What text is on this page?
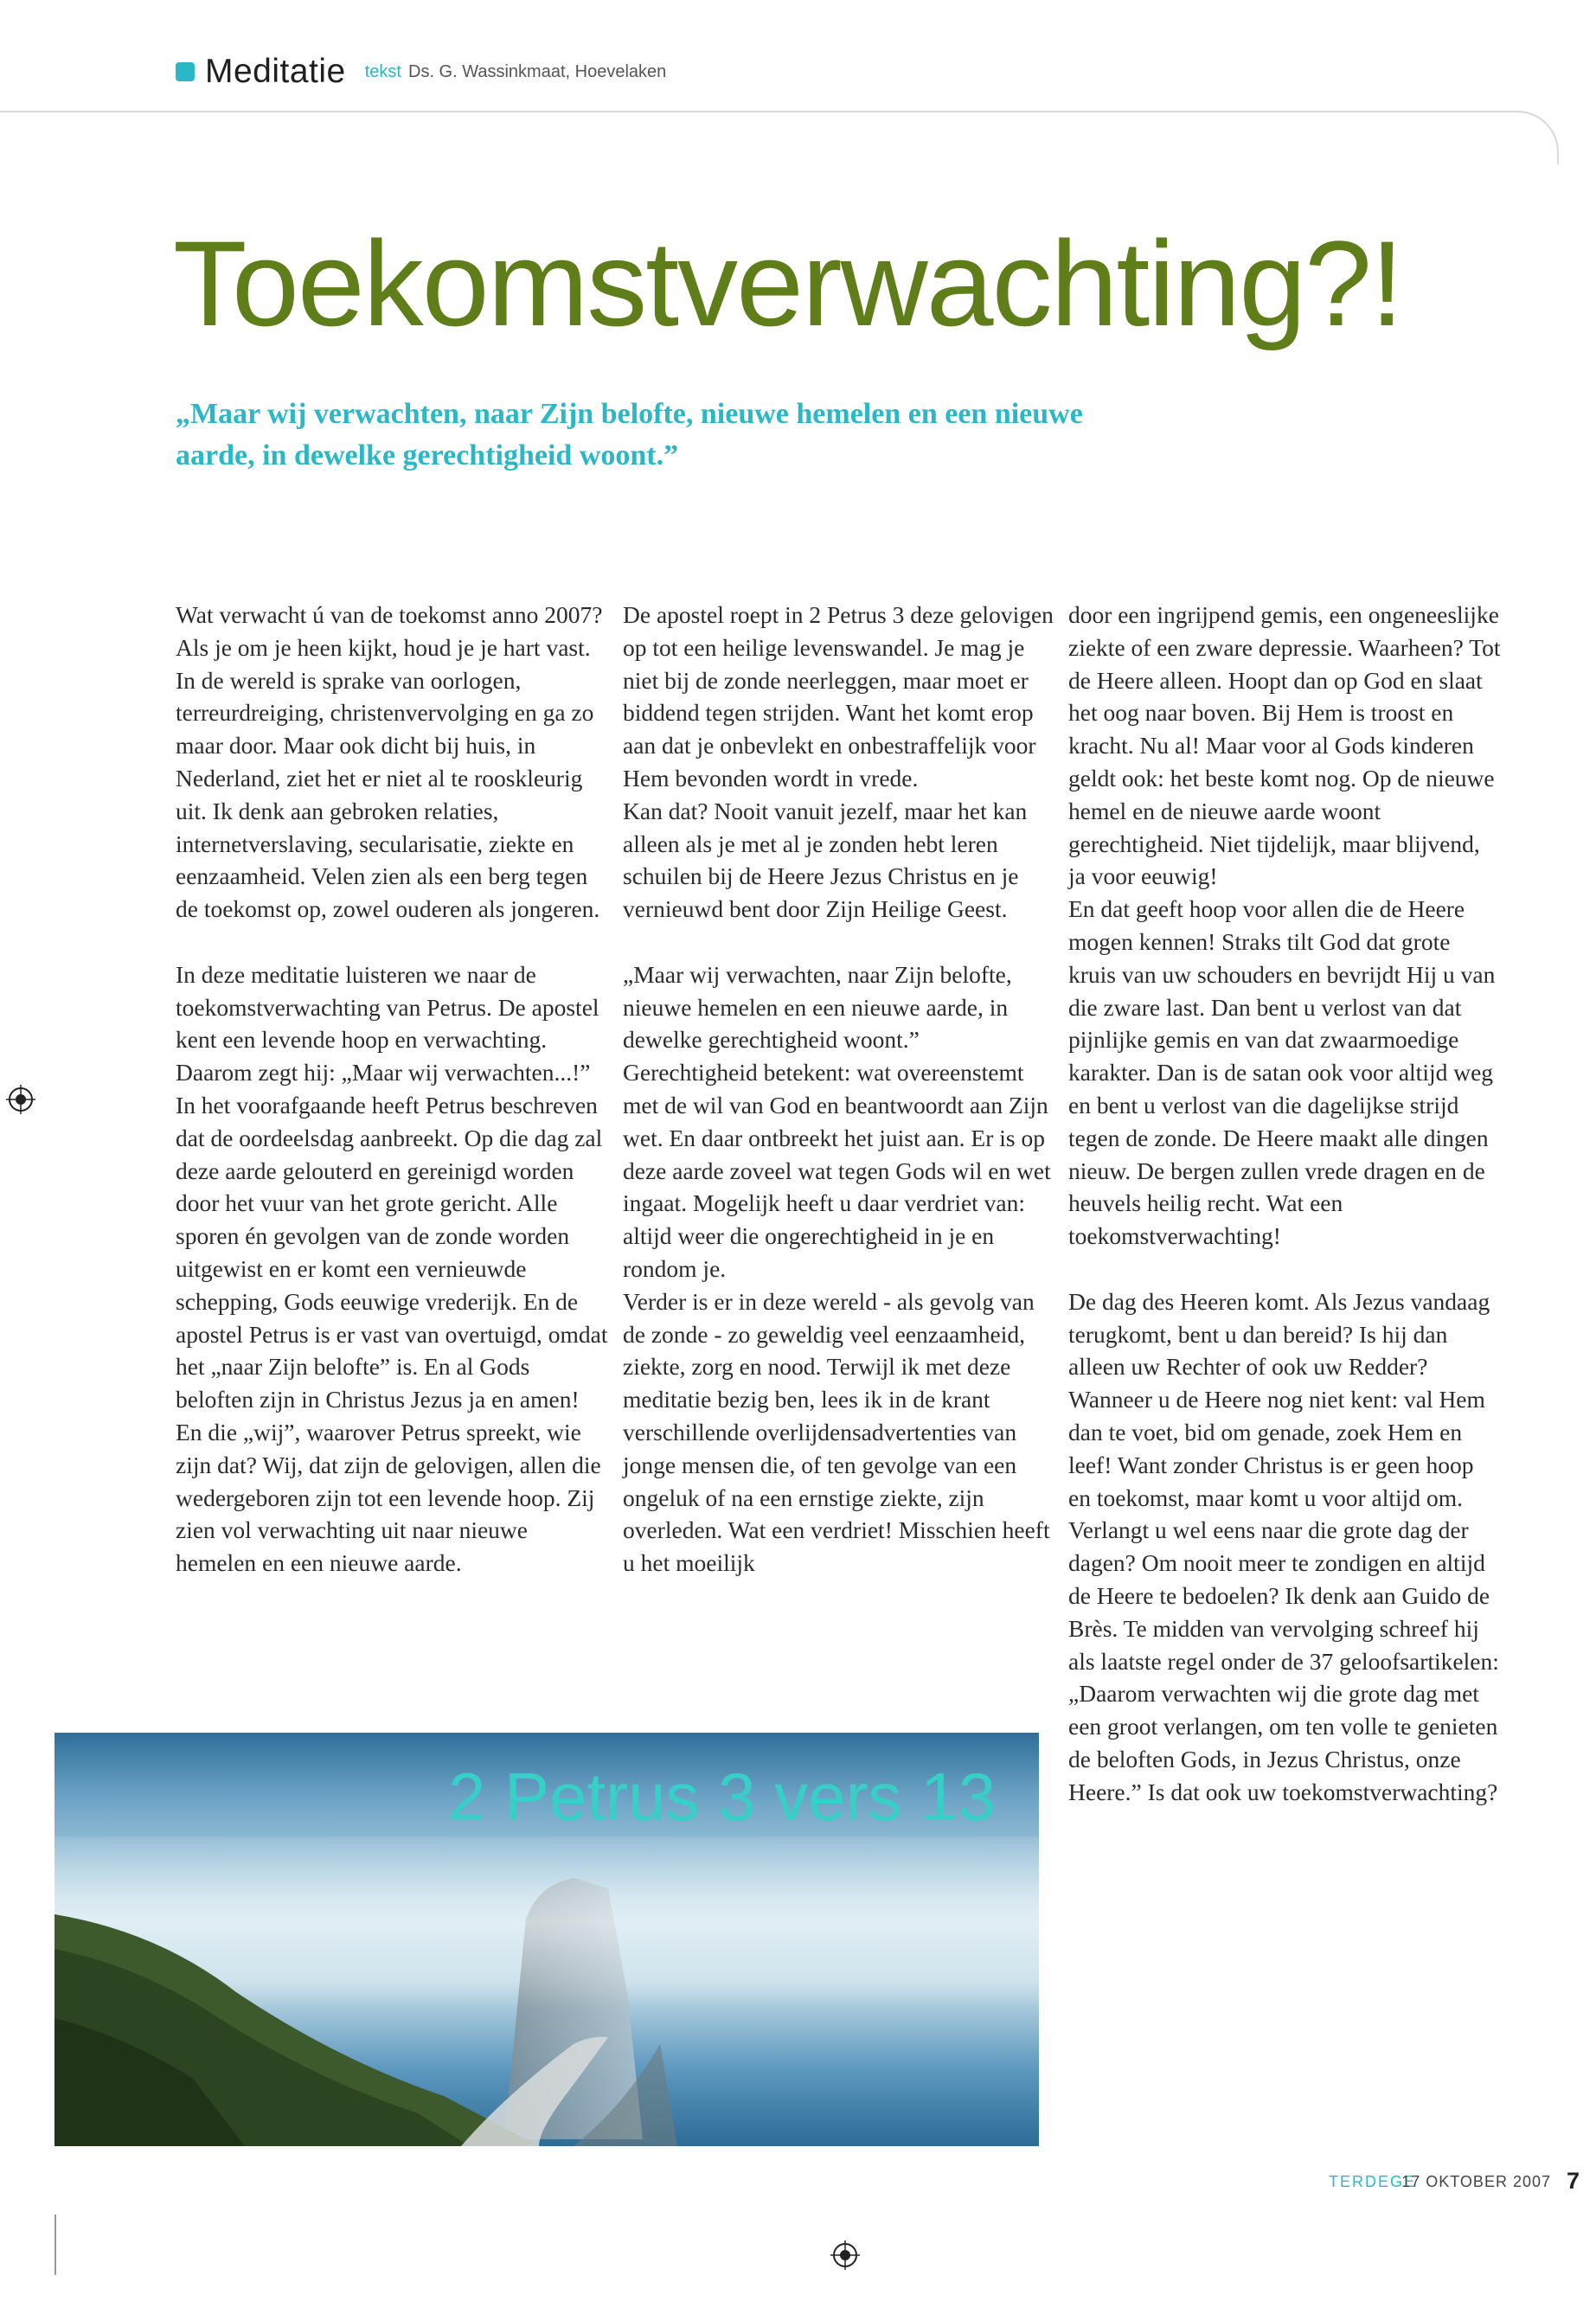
Meditatie tekst Ds. G. Wassinkmaat, Hoevelaken
Toekomstverwachting?!

„Maar wij verwachten, naar Zijn belofte, nieuwe hemelen en een nieuwe aarde, in dewelke gerechtigheid woont.”

Wat verwacht ú van de toekomst anno 2007? Als je om je heen kijkt, houd je je hart vast. In de wereld is sprake van oorlogen, terreurdreiging, christenvervolging en ga zo maar door. Maar ook dicht bij huis, in Nederland, ziet het er niet al te rooskleurig uit. Ik denk aan gebroken relaties, internetverslaving, secularisatie, ziekte en eenzaamheid. Velen zien als een berg tegen de toekomst op, zowel ouderen als jongeren.

In deze meditatie luisteren we naar de toekomstverwachting van Petrus. De apostel kent een levende hoop en verwachting. Daarom zegt hij: „Maar wij verwachten...!”

In het voorafgaande heeft Petrus beschreven dat de oordeelsdag aanbreekt. Op die dag zal deze aarde gelouterd en gereinigd worden door het vuur van het grote gericht. Alle sporen én gevolgen van de zonde worden uitgewist en er komt een vernieuwde schepping, Gods eeuwige vrederijk. En de apostel Petrus is er vast van overtuigd, omdat het „naar Zijn belofte” is. En al Gods beloften zijn in Christus Jezus ja en amen!

En die „wij”, waarover Petrus spreekt, wie zijn dat? Wij, dat zijn de gelovigen, allen die wedergeboren zijn tot een levende hoop. Zij zien vol verwachting uit naar nieuwe hemelen en een nieuwe aarde.

De apostel roept in 2 Petrus 3 deze gelovigen op tot een heilige levenswandel. Je mag je niet bij de zonde neerleggen, maar moet er biddend tegen strijden. Want het komt erop aan dat je onbevlekt en onbestraffelijk voor Hem bevonden wordt in vrede.

Kan dat? Nooit vanuit jezelf, maar het kan alleen als je met al je zonden hebt leren schuilen bij de Heere Jezus Christus en je vernieuwd bent door Zijn Heilige Geest.

„Maar wij verwachten, naar Zijn belofte, nieuwe hemelen en een nieuwe aarde, in dewelke gerechtigheid woont.” Gerechtigheid betekent: wat overeenstemt met de wil van God en beantwoordt aan Zijn wet. En daar ontbreekt het juist aan. Er is op deze aarde zoveel wat tegen Gods wil en wet ingaat. Mogelijk heeft u daar verdriet van: altijd weer die ongerechtigheid in je en rondom je.

Verder is er in deze wereld - als gevolg van de zonde - zo geweldig veel eenzaamheid, ziekte, zorg en nood. Terwijl ik met deze meditatie bezig ben, lees ik in de krant verschillende overlijdensadvertenties van jonge mensen die, of ten gevolge van een ongeluk of na een ernstige ziekte, zijn overleden. Wat een verdriet! Misschien heeft u het moeilijk

door een ingrijpend gemis, een ongeneeslijke ziekte of een zware depressie. Waarheen? Tot de Heere alleen. Hoopt dan op God en slaat het oog naar boven. Bij Hem is troost en kracht. Nu al! Maar voor al Gods kinderen geldt ook: het beste komt nog. Op de nieuwe hemel en de nieuwe aarde woont gerechtigheid. Niet tijdelijk, maar blijvend, ja voor eeuwig!

En dat geeft hoop voor allen die de Heere mogen kennen! Straks tilt God dat grote kruis van uw schouders en bevrijdt Hij u van die zware last. Dan bent u verlost van dat pijnlijke gemis en van dat zwaarmoedige karakter. Dan is de satan ook voor altijd weg en bent u verlost van die dagelijkse strijd tegen de zonde. De Heere maakt alle dingen nieuw. De bergen zullen vrede dragen en de heuvels heilig recht. Wat een toekomstverwachting!

De dag des Heeren komt. Als Jezus vandaag terugkomt, bent u dan bereid? Is hij dan alleen uw Rechter of ook uw Redder?

Wanneer u de Heere nog niet kent: val Hem dan te voet, bid om genade, zoek Hem en leef! Want zonder Christus is er geen hoop en toekomst, maar komt u voor altijd om.

Verlangt u wel eens naar die grote dag der dagen? Om nooit meer te zondigen en altijd de Heere te bedoelen? Ik denk aan Guido de Brès. Te midden van vervolging schreef hij als laatste regel onder de 37 geloofsartikelen: „Daarom verwachten wij die grote dag met een groot verlangen, om ten volle te genieten de beloften Gods, in Jezus Christus, onze Heere.” Is dat ook uw toekomstverwachting?

2 Petrus 3 vers 13
TERDEGE
17 OKTOBER 2007 7
